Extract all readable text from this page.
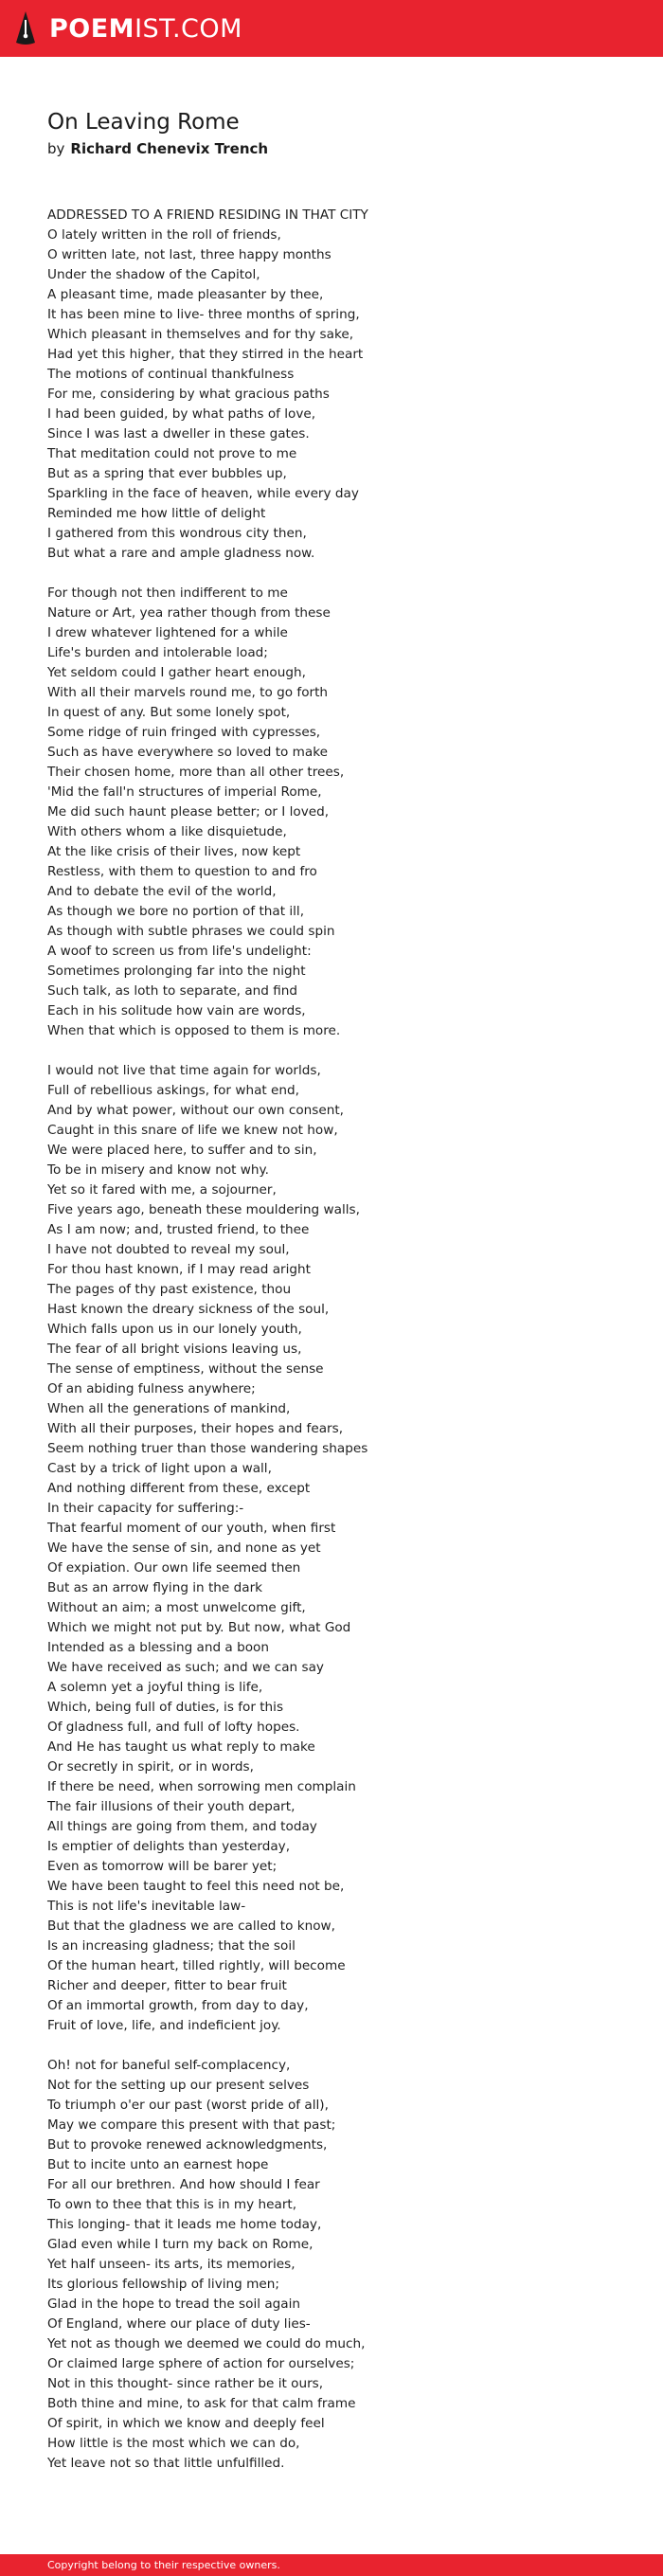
POEMIST.COM
On Leaving Rome
by Richard Chenevix Trench
ADDRESSED TO A FRIEND RESIDING IN THAT CITY
O lately written in the roll of friends,
O written late, not last, three happy months
Under the shadow of the Capitol,
A pleasant time, made pleasanter by thee,
It has been mine to live- three months of spring,
Which pleasant in themselves and for thy sake,
Had yet this higher, that they stirred in the heart
The motions of continual thankfulness
For me, considering by what gracious paths
I had been guided, by what paths of love,
Since I was last a dweller in these gates.
That meditation could not prove to me
But as a spring that ever bubbles up,
Sparkling in the face of heaven, while every day
Reminded me how little of delight
I gathered from this wondrous city then,
But what a rare and ample gladness now.
For though not then indifferent to me
Nature or Art, yea rather though from these
I drew whatever lightened for a while
Life's burden and intolerable load;
Yet seldom could I gather heart enough,
With all their marvels round me, to go forth
In quest of any. But some lonely spot,
Some ridge of ruin fringed with cypresses,
Such as have everywhere so loved to make
Their chosen home, more than all other trees,
'Mid the fall'n structures of imperial Rome,
Me did such haunt please better; or I loved,
With others whom a like disquietude,
At the like crisis of their lives, now kept
Restless, with them to question to and fro
And to debate the evil of the world,
As though we bore no portion of that ill,
As though with subtle phrases we could spin
A woof to screen us from life's undelight:
Sometimes prolonging far into the night
Such talk, as loth to separate, and find
Each in his solitude how vain are words,
When that which is opposed to them is more.
I would not live that time again for worlds,
Full of rebellious askings, for what end,
And by what power, without our own consent,
Caught in this snare of life we knew not how,
We were placed here, to suffer and to sin,
To be in misery and know not why.
Yet so it fared with me, a sojourner,
Five years ago, beneath these mouldering walls,
As I am now; and, trusted friend, to thee
I have not doubted to reveal my soul,
For thou hast known, if I may read aright
The pages of thy past existence, thou
Hast known the dreary sickness of the soul,
Which falls upon us in our lonely youth,
The fear of all bright visions leaving us,
The sense of emptiness, without the sense
Of an abiding fulness anywhere;
When all the generations of mankind,
With all their purposes, their hopes and fears,
Seem nothing truer than those wandering shapes
Cast by a trick of light upon a wall,
And nothing different from these, except
In their capacity for suffering:-
That fearful moment of our youth, when first
We have the sense of sin, and none as yet
Of expiation. Our own life seemed then
But as an arrow flying in the dark
Without an aim; a most unwelcome gift,
Which we might not put by. But now, what God
Intended as a blessing and a boon
We have received as such; and we can say
A solemn yet a joyful thing is life,
Which, being full of duties, is for this
Of gladness full, and full of lofty hopes.
And He has taught us what reply to make
Or secretly in spirit, or in words,
If there be need, when sorrowing men complain
The fair illusions of their youth depart,
All things are going from them, and today
Is emptier of delights than yesterday,
Even as tomorrow will be barer yet;
We have been taught to feel this need not be,
This is not life's inevitable law-
But that the gladness we are called to know,
Is an increasing gladness; that the soil
Of the human heart, tilled rightly, will become
Richer and deeper, fitter to bear fruit
Of an immortal growth, from day to day,
Fruit of love, life, and indeficient joy.
Oh! not for baneful self-complacency,
Not for the setting up our present selves
To triumph o'er our past (worst pride of all),
May we compare this present with that past;
But to provoke renewed acknowledgments,
But to incite unto an earnest hope
For all our brethren. And how should I fear
To own to thee that this is in my heart,
This longing- that it leads me home today,
Glad even while I turn my back on Rome,
Yet half unseen- its arts, its memories,
Its glorious fellowship of living men;
Glad in the hope to tread the soil again
Of England, where our place of duty lies-
Yet not as though we deemed we could do much,
Or claimed large sphere of action for ourselves;
Not in this thought- since rather be it ours,
Both thine and mine, to ask for that calm frame
Of spirit, in which we know and deeply feel
How little is the most which we can do,
Yet leave not so that little unfulfilled.
Copyright belong to their respective owners.
